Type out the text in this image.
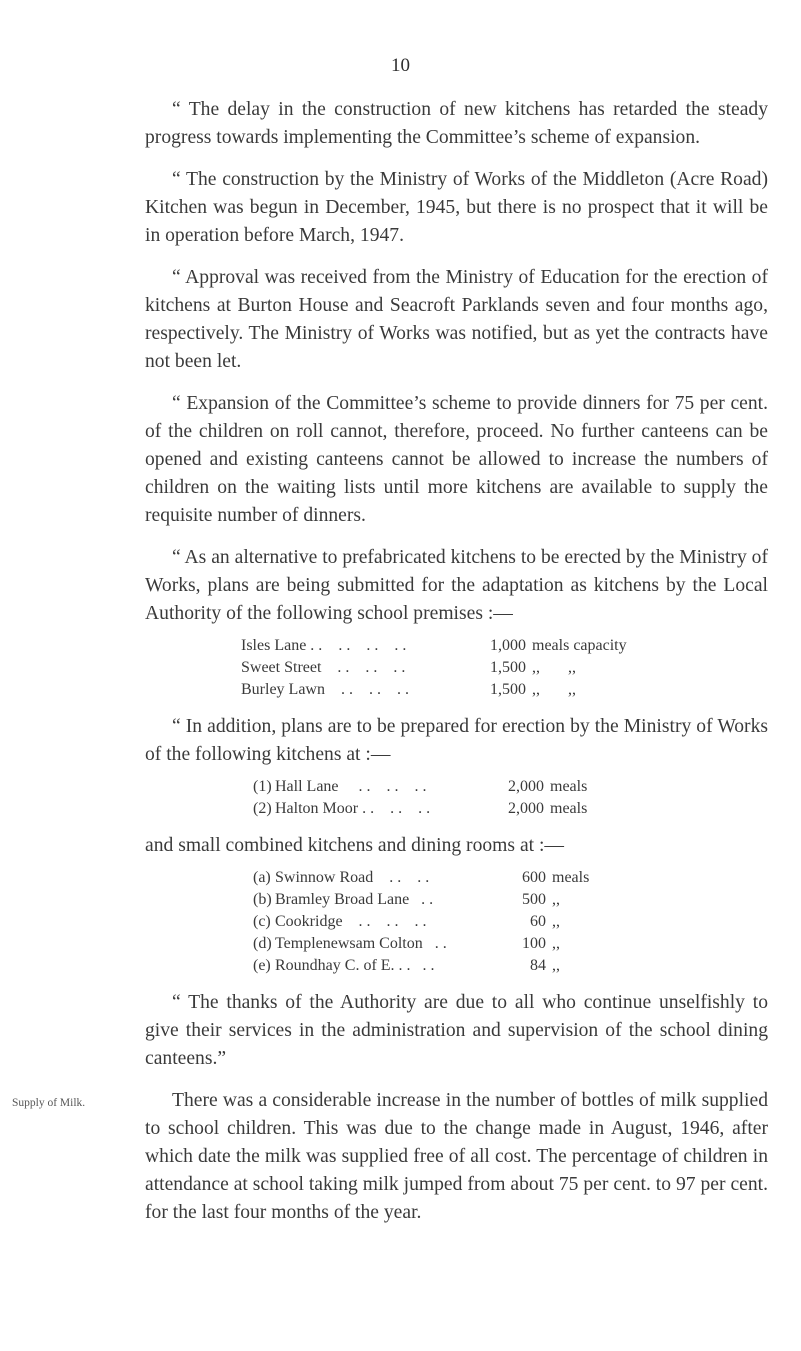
10

“ The delay in the construction of new kitchens has retarded the steady progress towards implementing the Committee’s scheme of expansion.

“ The construction by the Ministry of Works of the Middleton (Acre Road) Kitchen was begun in December, 1945, but there is no prospect that it will be in operation before March, 1947.

“ Approval was received from the Ministry of Education for the erection of kitchens at Burton House and Seacroft Parklands seven and four months ago, respectively. The Ministry of Works was notified, but as yet the contracts have not been let.

“ Expansion of the Committee’s scheme to provide dinners for 75 per cent. of the children on roll cannot, therefore, proceed. No further canteens can be opened and existing canteens cannot be allowed to increase the numbers of children on the waiting lists until more kitchens are available to supply the requisite number of dinners.

“ As an alternative to prefabricated kitchens to be erected by the Ministry of Works, plans are being submitted for the adaptation as kitchens by the Local Authority of the following school premises :—

Isles Lane . . . .    . .    . .	1,000 meals capacity
Sweet Street . .    . .    . .	1,500 ,,       ,,
Burley Lawn . .    . .    . .	1,500 ,,       ,,

“ In addition, plans are to be prepared for erection by the Ministry of Works of the following kitchens at :—

(1) Hall Lane     . .    . .    . .	2,000 meals
(2) Halton Moor . .    . .    . .	2,000 meals

and small combined kitchens and dining rooms at :—

(a) Swinnow Road    . .    . .	600 meals
(b) Bramley Broad Lane   . .	500 ,,
(c) Cookridge    . .    . .    . .	60 ,,
(d) Templenewsam Colton   . .	100 ,,
(e) Roundhay C. of E. . .   . .	84 ,,

“ The thanks of the Authority are due to all who continue unselfishly to give their services in the administration and supervision of the school dining canteens.”

There was a considerable increase in the number of bottles of milk supplied to school children. This was due to the change made in August, 1946, after which date the milk was supplied free of all cost. The percentage of children in attendance at school taking milk jumped from about 75 per cent. to 97 per cent. for the last four months of the year.

Supply of Milk.
